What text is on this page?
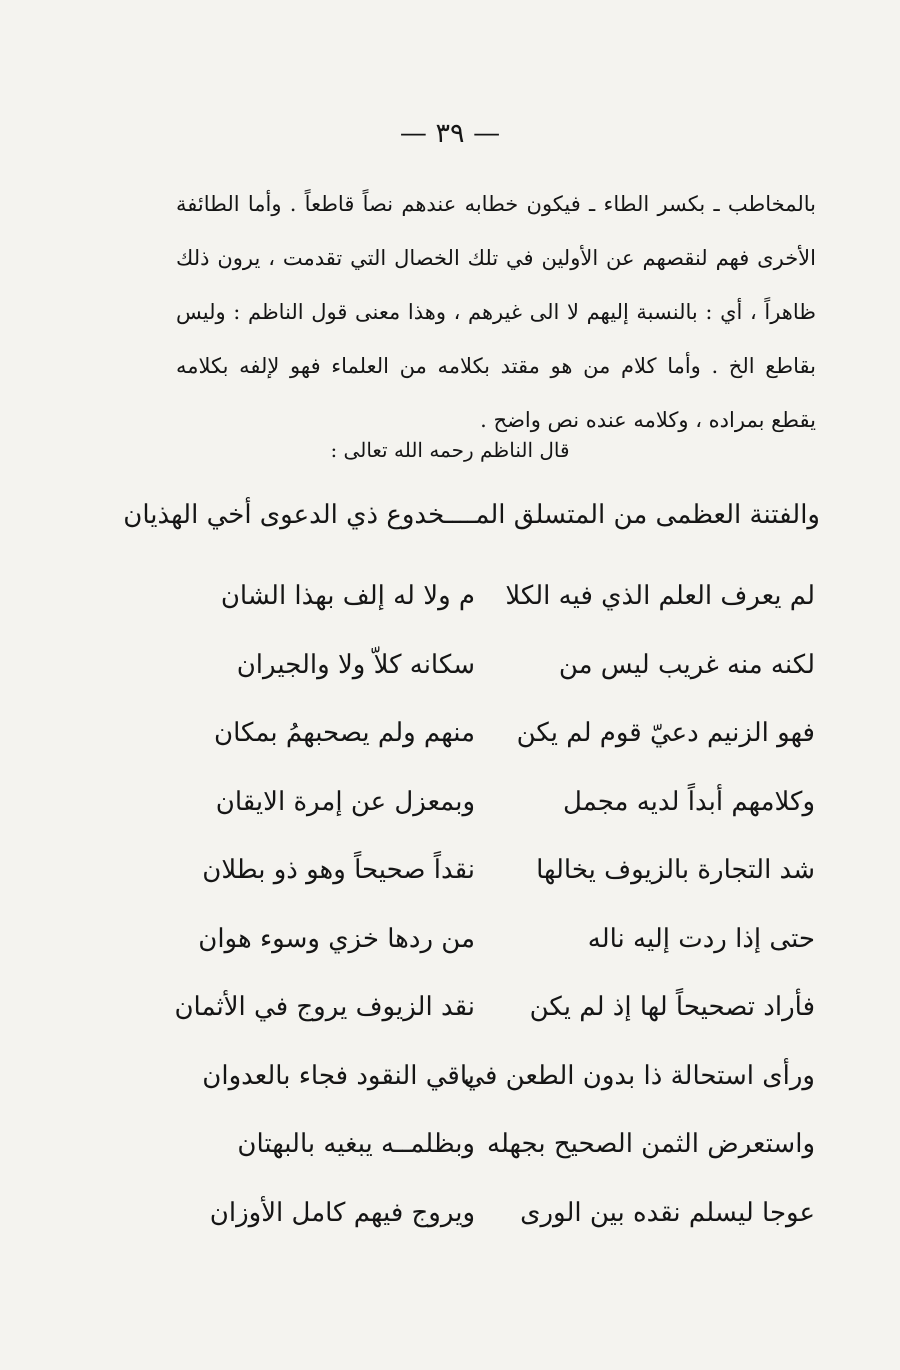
— ٣٩ —
بالمخاطب ـ بكسر الطاء ـ فيكون خطابه عندهم نصاً قاطعاً . وأما الطائفة
الأخرى فهم لنقصهم عن الأولين في تلك الخصال التي تقدمت ، يرون ذلك
ظاهراً ، أي : بالنسبة إليهم لا الى غيرهم ، وهذا معنى قول الناظم : وليس
بقاطع الخ . وأما كلام من هو مقتد بكلامه من العلماء فهو لإلفه بكلامه
يقطع بمراده ، وكلامه عنده نص واضح .
قال الناظم رحمه الله تعالى :
والفتنة العظمى من المتسلق المــــخدوع ذي الدعوى أخي الهذيان
لم يعرف العلم الذي فيه الكلا
م ولا له إلف بهذا الشان
لكنه منه غريب ليس من
سكانه كلاّ ولا والجيران
فهو الزنيم دعيّ قوم لم يكن
منهم ولم يصحبهمُ بمكان
وكلامهم أبداً لديه مجمل
وبمعزل عن إمرة الايقان
شد التجارة بالزيوف يخالها
نقداً صحيحاً وهو ذو بطلان
حتى إذا ردت إليه ناله
من ردها خزي وسوء هوان
فأراد تصحيحاً لها إذ لم يكن
نقد الزيوف يروج في الأثمان
ورأى استحالة ذا بدون الطعن في
باقي النقود فجاء بالعدوان
واستعرض الثمن الصحيح بجهله
وبظلمــه يبغيه بالبهتان
عوجا ليسلم نقده بين الورى
ويروج فيهم كامل الأوزان
